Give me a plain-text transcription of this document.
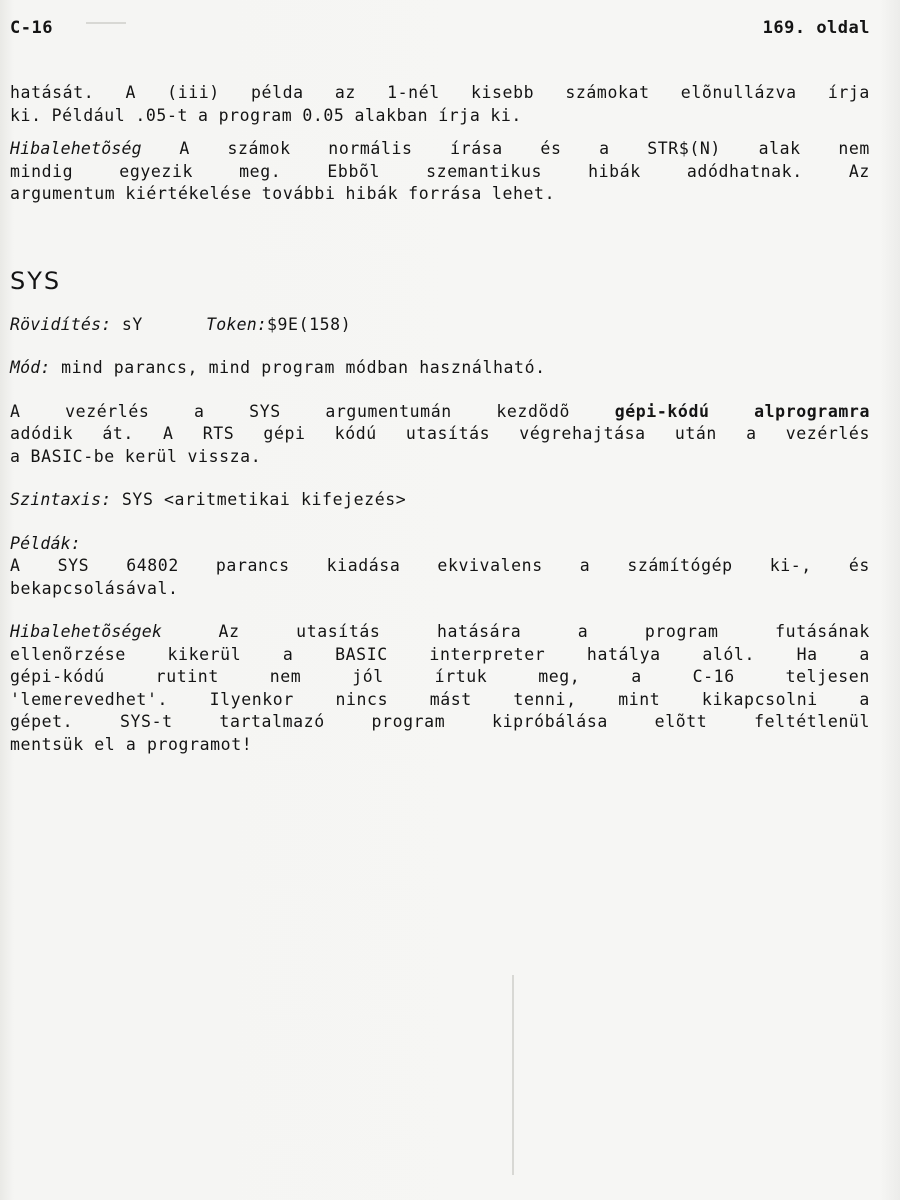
C-16	169. oldal
hatását. A (iii) példa az 1-nél kisebb számokat elõnullázva írja
ki. Például .05-t a program 0.05 alakban írja ki.
Hibalehetõség A számok normális írása és a STR$(N) alak nem
mindig	egyezik	meg.	Ebbõl	szemantikus	hibák	adódhatnak.	Az
argumentum kiértékelése további hibák forrása lehet.
SYS
Rövidítés: sY	Token:$9E(158)
Mód: mind parancs, mind program módban használható.
A	vezérlés	a	SYS	argumentumán	kezdõdõ	gépi-kódú	alprogramra
adódik át. A RTS gépi kódú utasítás végrehajtása után a vezérlés
a BASIC-be kerül vissza.
Szintaxis: SYS <aritmetikai kifejezés>
Példák:
A SYS 64802 parancs kiadása ekvivalens a számítógép ki-, és
bekapcsolásával.
Hibalehetõségek	Az	utasítás	hatására	a	program	futásának
ellenõrzése	kikerül	a	BASIC	interpreter	hatálya	alól.	Ha	a
gépi-kódú	rutint	nem	jól	írtuk	meg,	a	C-16	teljesen
'lemerevedhet'.	Ilyenkor	nincs	mást	tenni,	mint	kikapcsolni	a
gépet.	SYS-t	tartalmazó	program	kipróbálása	elõtt	feltétlenül
mentsük el a programot!
